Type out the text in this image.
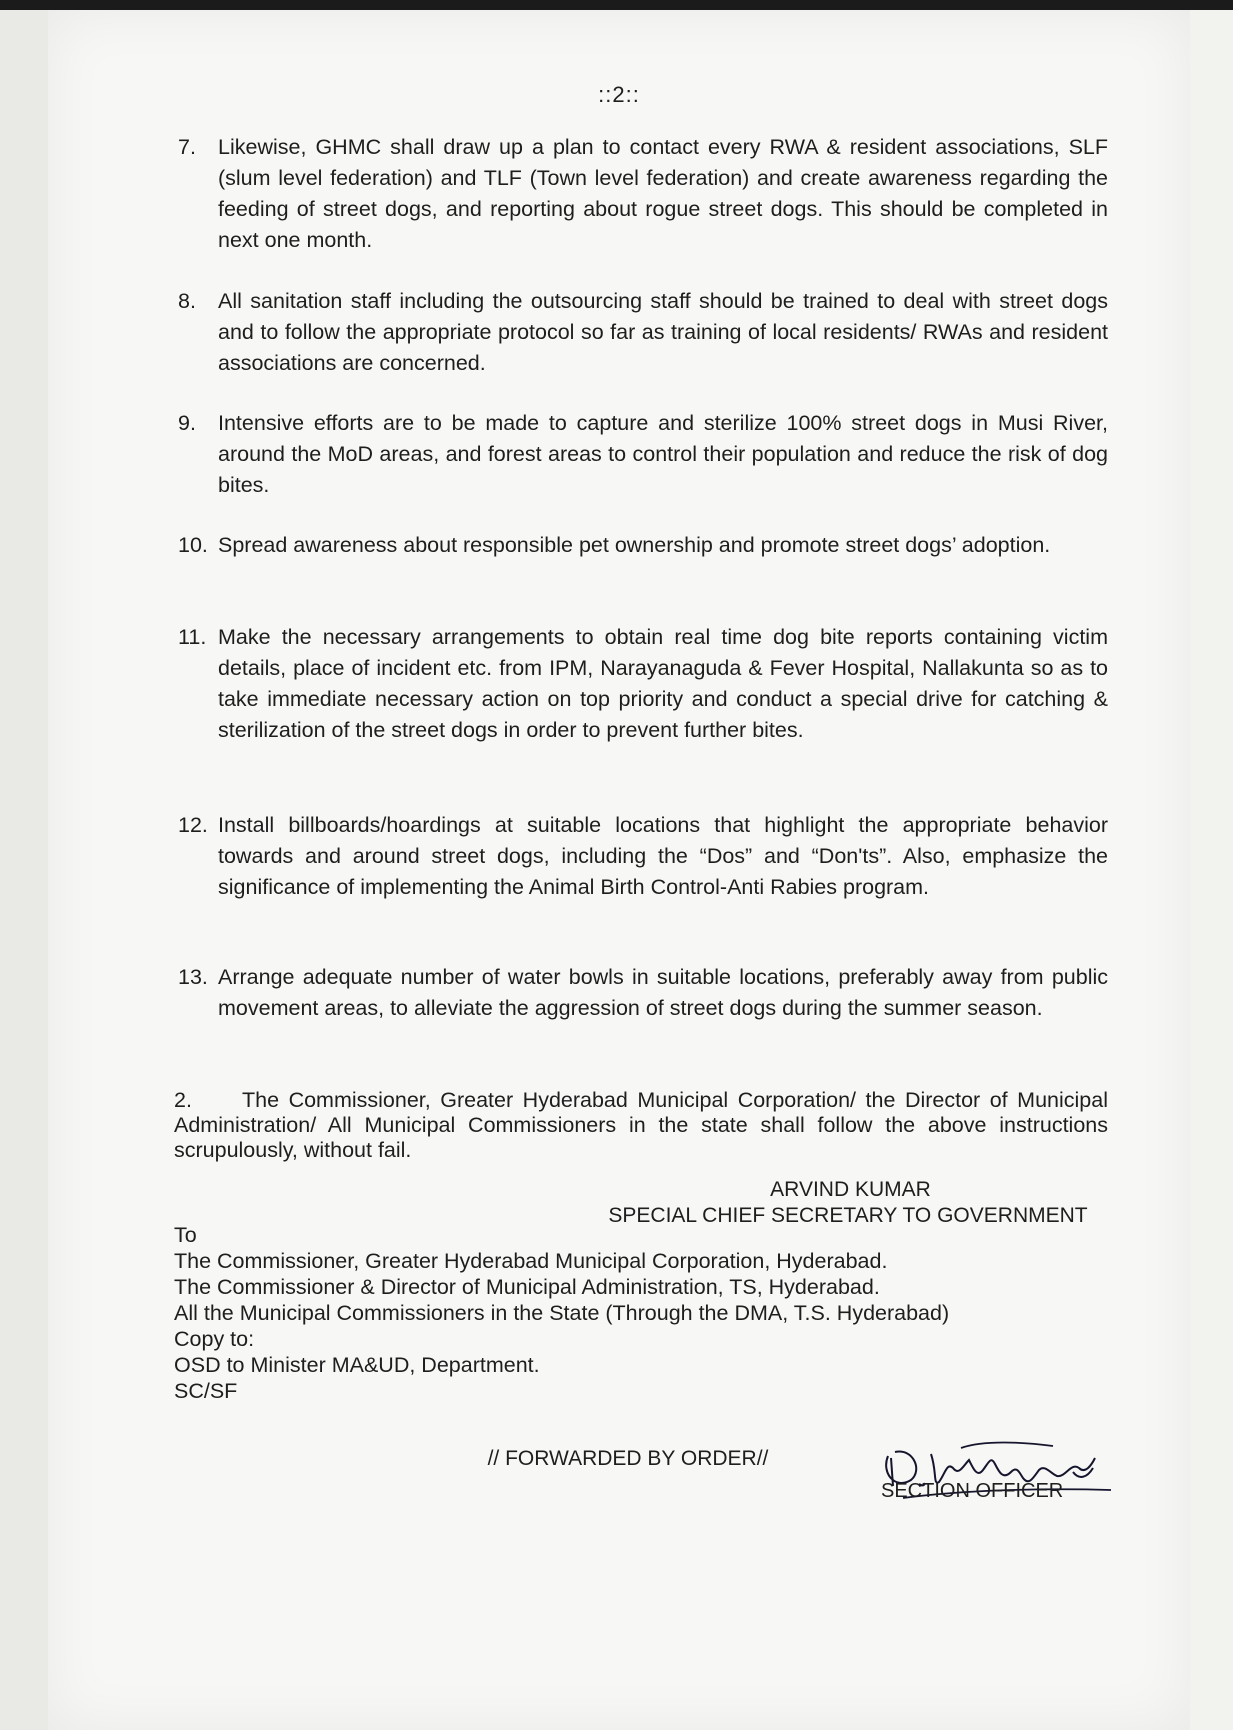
::2::
7.	Likewise, GHMC shall draw up a plan to contact every RWA & resident associations, SLF (slum level federation) and TLF (Town level federation) and create awareness regarding the feeding of street dogs, and reporting about rogue street dogs. This should be completed in next one month.
8.	All sanitation staff including the outsourcing staff should be trained to deal with street dogs and to follow the appropriate protocol so far as training of local residents/ RWAs and resident associations are concerned.
9.	Intensive efforts are to be made to capture and sterilize 100% street dogs in Musi River, around the MoD areas, and forest areas to control their population and reduce the risk of dog bites.
10. Spread awareness about responsible pet ownership and promote street dogs’ adoption.
11. Make the necessary arrangements to obtain real time dog bite reports containing victim details, place of incident etc. from IPM, Narayanaguda & Fever Hospital, Nallakunta so as to take immediate necessary action on top priority and conduct a special drive for catching & sterilization of the street dogs in order to prevent further bites.
12. Install billboards/hoardings at suitable locations that highlight the appropriate behavior towards and around street dogs, including the “Dos” and “Don'ts”. Also, emphasize the significance of implementing the Animal Birth Control-Anti Rabies program.
13. Arrange adequate number of water bowls in suitable locations, preferably away from public movement areas, to alleviate the aggression of street dogs during the summer season.
2. The Commissioner, Greater Hyderabad Municipal Corporation/ the Director of Municipal Administration/ All Municipal Commissioners in the state shall follow the above instructions scrupulously, without fail.
ARVIND KUMAR
SPECIAL CHIEF SECRETARY TO GOVERNMENT
To
The Commissioner, Greater Hyderabad Municipal Corporation, Hyderabad.
The Commissioner & Director of Municipal Administration, TS, Hyderabad.
All the Municipal Commissioners in the State (Through the DMA, T.S. Hyderabad)
Copy to:
OSD to Minister MA&UD, Department.
SC/SF
// FORWARDED BY ORDER//
SECTION OFFICER
